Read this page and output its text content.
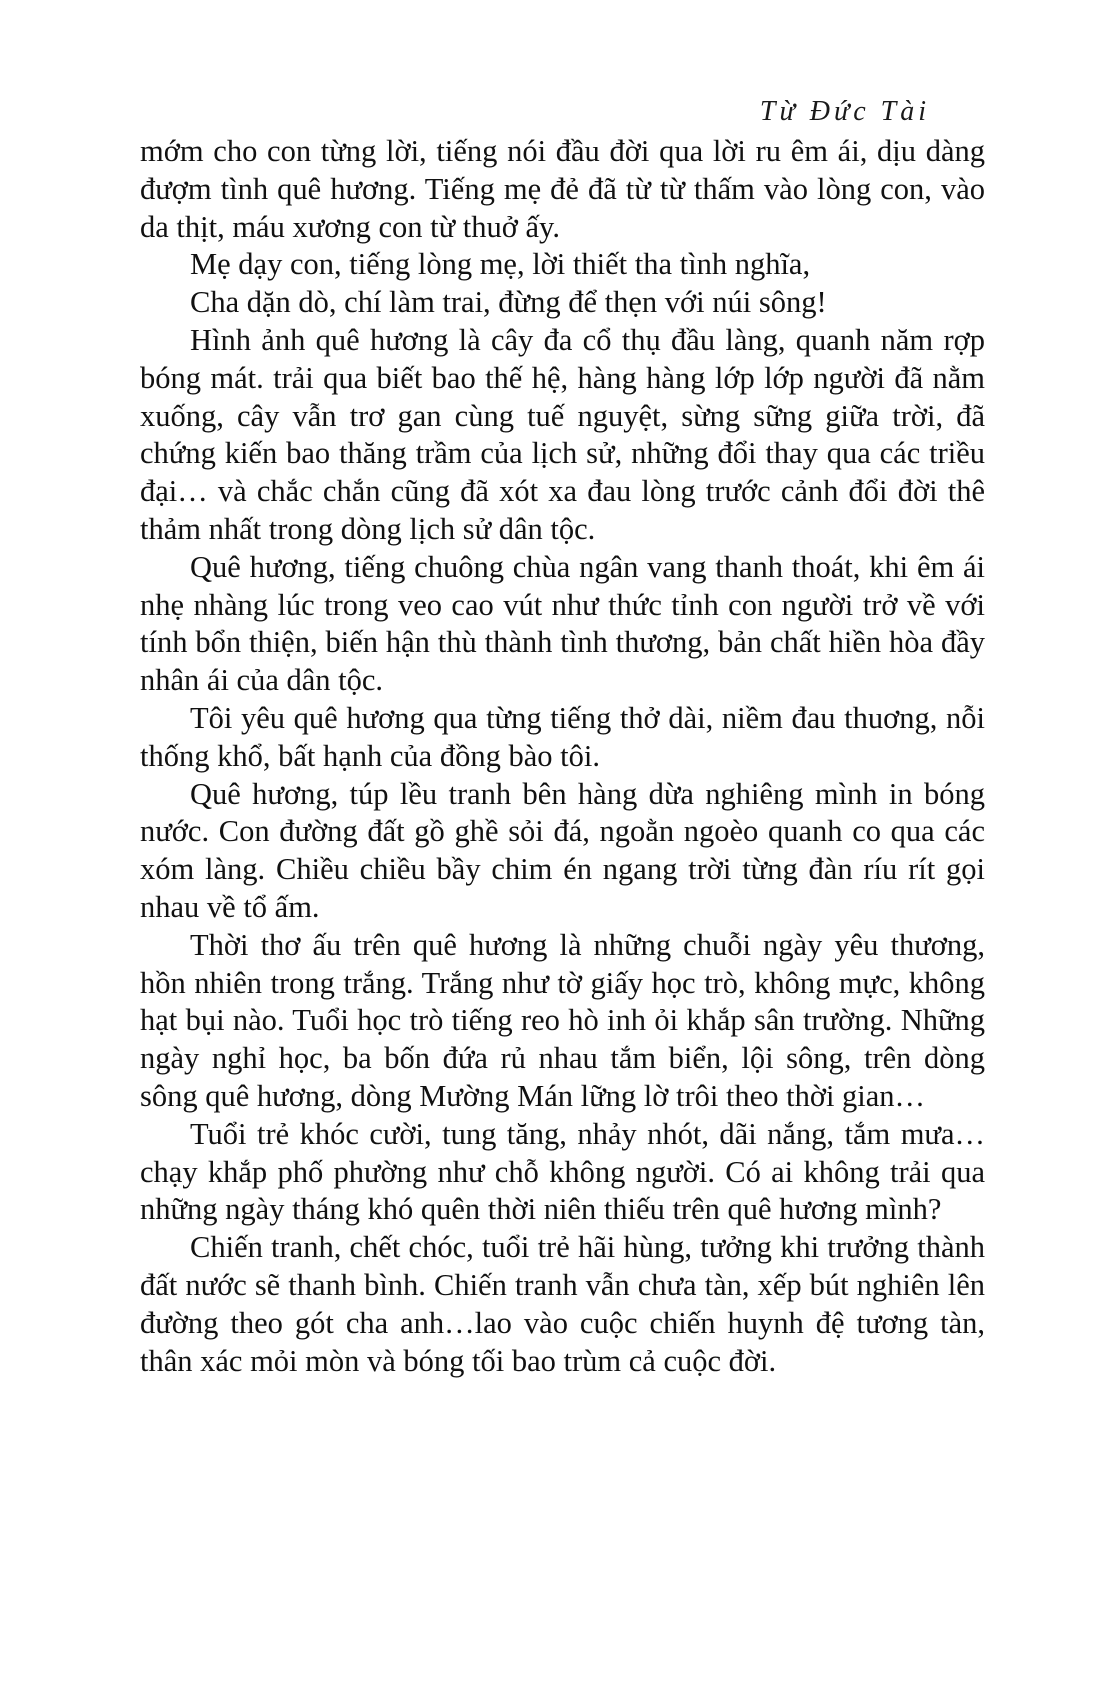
Từ Đức Tài

mớm cho con từng lời, tiếng nói đầu đời qua lời ru êm ái, dịu dàng đượm tình quê hương. Tiếng mẹ đẻ đã từ từ thấm vào lòng con, vào da thịt, máu xương con từ thuở ấy.

Mẹ dạy con, tiếng lòng mẹ, lời thiết tha tình nghĩa,

Cha dặn dò, chí làm trai, đừng để thẹn với núi sông!

Hình ảnh quê hương là cây đa cổ thụ đầu làng, quanh năm rợp bóng mát. trải qua biết bao thế hệ, hàng hàng lớp lớp người đã nằm xuống, cây vẫn trơ gan cùng tuế nguyệt, sừng sững giữa trời, đã chứng kiến bao thăng trầm của lịch sử, những đổi thay qua các triều đại… và chắc chắn cũng đã xót xa đau lòng trước cảnh đổi đời thê thảm nhất trong dòng lịch sử dân tộc.

Quê hương, tiếng chuông chùa ngân vang thanh thoát, khi êm ái nhẹ nhàng lúc trong veo cao vút như thức tỉnh con người trở về với tính bổn thiện, biến hận thù thành tình thương, bản chất hiền hòa đầy nhân ái của dân tộc.

Tôi yêu quê hương qua từng tiếng thở dài, niềm đau thuơng, nỗi thống khổ, bất hạnh của đồng bào tôi.

Quê hương, túp lều tranh bên hàng dừa nghiêng mình in bóng nước. Con đường đất gồ ghề sỏi đá, ngoằn ngoèo quanh co qua các xóm làng. Chiều chiều bầy chim én ngang trời từng đàn ríu rít gọi nhau về tổ ấm.

Thời thơ ấu trên quê hương là những chuỗi ngày yêu thương, hồn nhiên trong trắng. Trắng như tờ giấy học trò, không mực, không hạt bụi nào. Tuổi học trò tiếng reo hò inh ỏi khắp sân trường. Những ngày nghỉ học, ba bốn đứa rủ nhau tắm biển, lội sông, trên dòng sông quê hương, dòng Mường Mán lững lờ trôi theo thời gian…

Tuổi trẻ khóc cười, tung tăng, nhảy nhót, dãi nắng, tắm mưa…chạy khắp phố phường như chỗ không người. Có ai không trải qua những ngày tháng khó quên thời niên thiếu trên quê hương mình?

Chiến tranh, chết chóc, tuổi trẻ hãi hùng, tưởng khi trưởng thành đất nước sẽ thanh bình. Chiến tranh vẫn chưa tàn, xếp bút nghiên lên đường theo gót cha anh…lao vào cuộc chiến huynh đệ tương tàn, thân xác mỏi mòn và bóng tối bao trùm cả cuộc đời.
